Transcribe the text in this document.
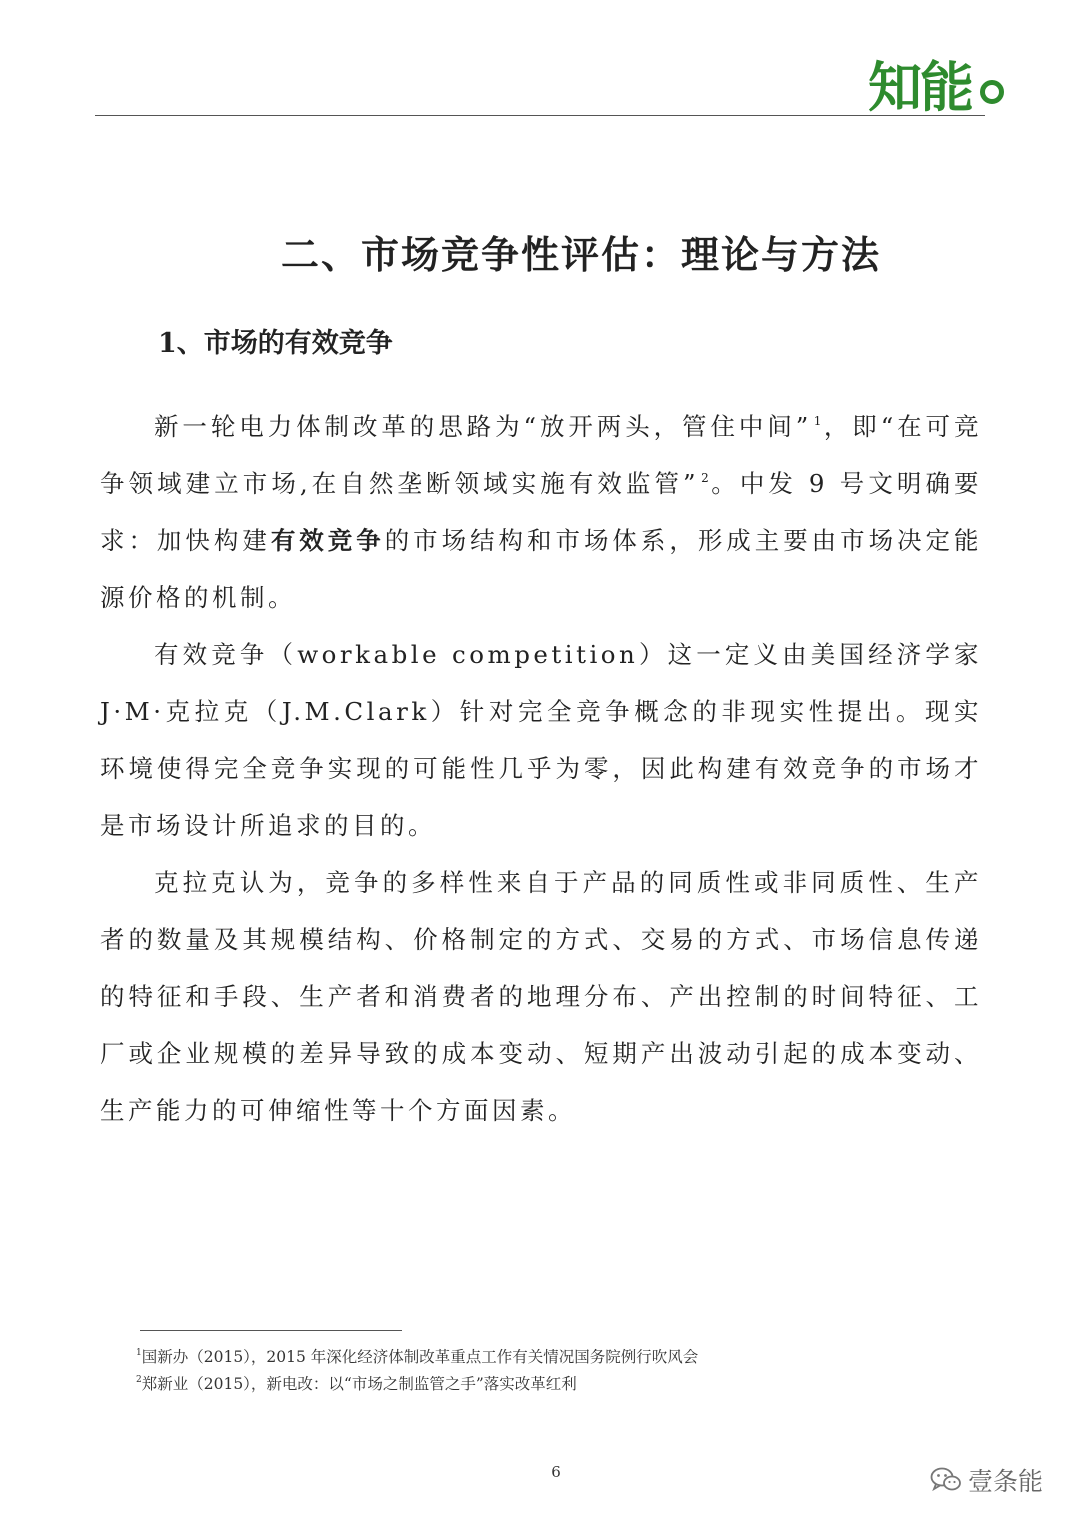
知能
二、市场竞争性评估：理论与方法
1、市场的有效竞争

新一轮电力体制改革的思路为“放开两头，管住中间” $^1$，即“在可竞争领域建立市场,在自然垄断领域实施有效监管” $^2$。中发 9 号文明确要求：加快构建有效竞争的市场结构和市场体系，形成主要由市场决定能源价格的机制。

有效竞争（workable competition）这一定义由美国经济学家 J·M·克拉克（J.M.Clark）针对完全竞争概念的非现实性提出。现实环境使得完全竞争实现的可能性几乎为零，因此构建有效竞争的市场才是市场设计所追求的目的。

克拉克认为，竞争的多样性来自于产品的同质性或非同质性、生产者的数量及其规模结构、价格制定的方式、交易的方式、市场信息传递的特征和手段、生产者和消费者的地理分布、产出控制的时间特征、工厂或企业规模的差异导致的成本变动、短期产出波动引起的成本变动、生产能力的可伸缩性等十个方面因素。

$^1$国新办（2015），2015 年深化经济体制改革重点工作有关情况国务院例行吹风会

$^2$郑新业（2015），新电改：以“市场之制监管之手”落实改革红利

6	壹条能
